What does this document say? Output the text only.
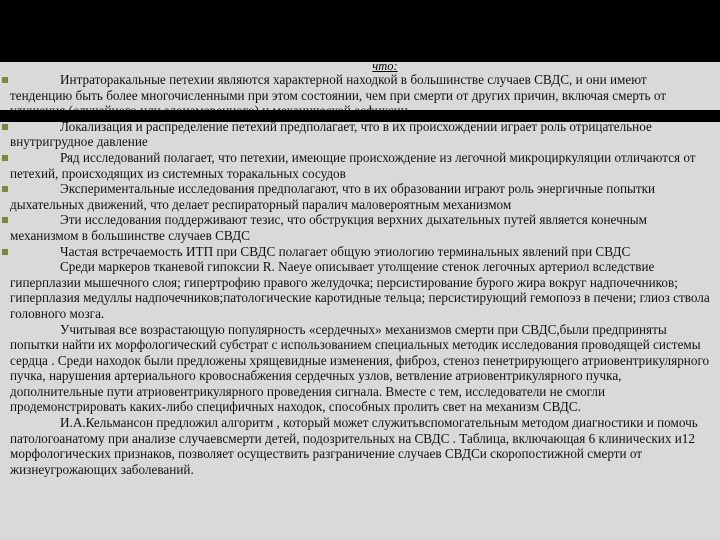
Дискуссия о роли интраторакальных петехий (ИТП) между J.Beckwith и H. Krous привели к заключению,
что:

Интраторакальные петехии являются характерной находкой в большинстве случаев СВДС, и они имеют тенденцию быть более многочисленными при этом состоянии, чем при смерти от других причин, включая смерть от

Локализация и распределение петехий предполагает, что в их происхождении играет роль отрицательное внутригрудное давление

Ряд исследований полагает, что петехии, имеющие происхождение из легочной микроциркуляции отличаются от петехий, происходящих из системных торакальных сосудов

Экспериментальные исследования предполагают, что в их образовании играют роль энергичные попытки дыхательных движений, что делает респираторный паралич маловероятным механизмом

Эти исследования поддерживают тезис, что обструкция верхних дыхательных путей является конечным механизмом в большинстве случаев СВДС

Частая встречаемость ИТП при СВДС полагает общую этиологию терминальных явлений при СВДС

Среди маркеров тканевой гипоксии R. Naeye описывает утолщение стенок легочных артериол вследствие гиперплазии мышечного слоя; гипертрофию правого желудочка; персистирование бурого жира вокруг надпочечников; гиперплазия медуллы надпочечников;патологические каротидные тельца; персистирующий гемопоэз в печени; глиоз ствола головного мозга.

Учитывая все возрастающую популярность «сердечных» механизмов смерти при СВДС,были предприняты попытки найти их морфологический субстрат с использованием специальных методик исследования проводящей системы сердца . Среди находок были предложены хрящевидные изменения, фиброз, стеноз пенетрирующего атриовентрикулярного пучка, нарушения артериального кровоснабжения сердечных узлов, ветвление атриовентрикулярного пучка, дополнительные пути атриовентрикулярного проведения сигнала. Вместе с тем, исследователи не смогли продемонстрировать каких-либо специфичных находок, способных пролить свет на механизм СВДС.

И.А.Кельмансон предложил алгоритм , который может служитьвспомогательным методом диагностики и помочь патологоанатому при анализе случаевсмерти детей, подозрительных на СВДС . Таблица, включающая 6 клинических и12 морфологических признаков, позволяет осуществить разграничение случаев СВДСи скоропостижной смерти от жизнеугрожающих заболеваний.
